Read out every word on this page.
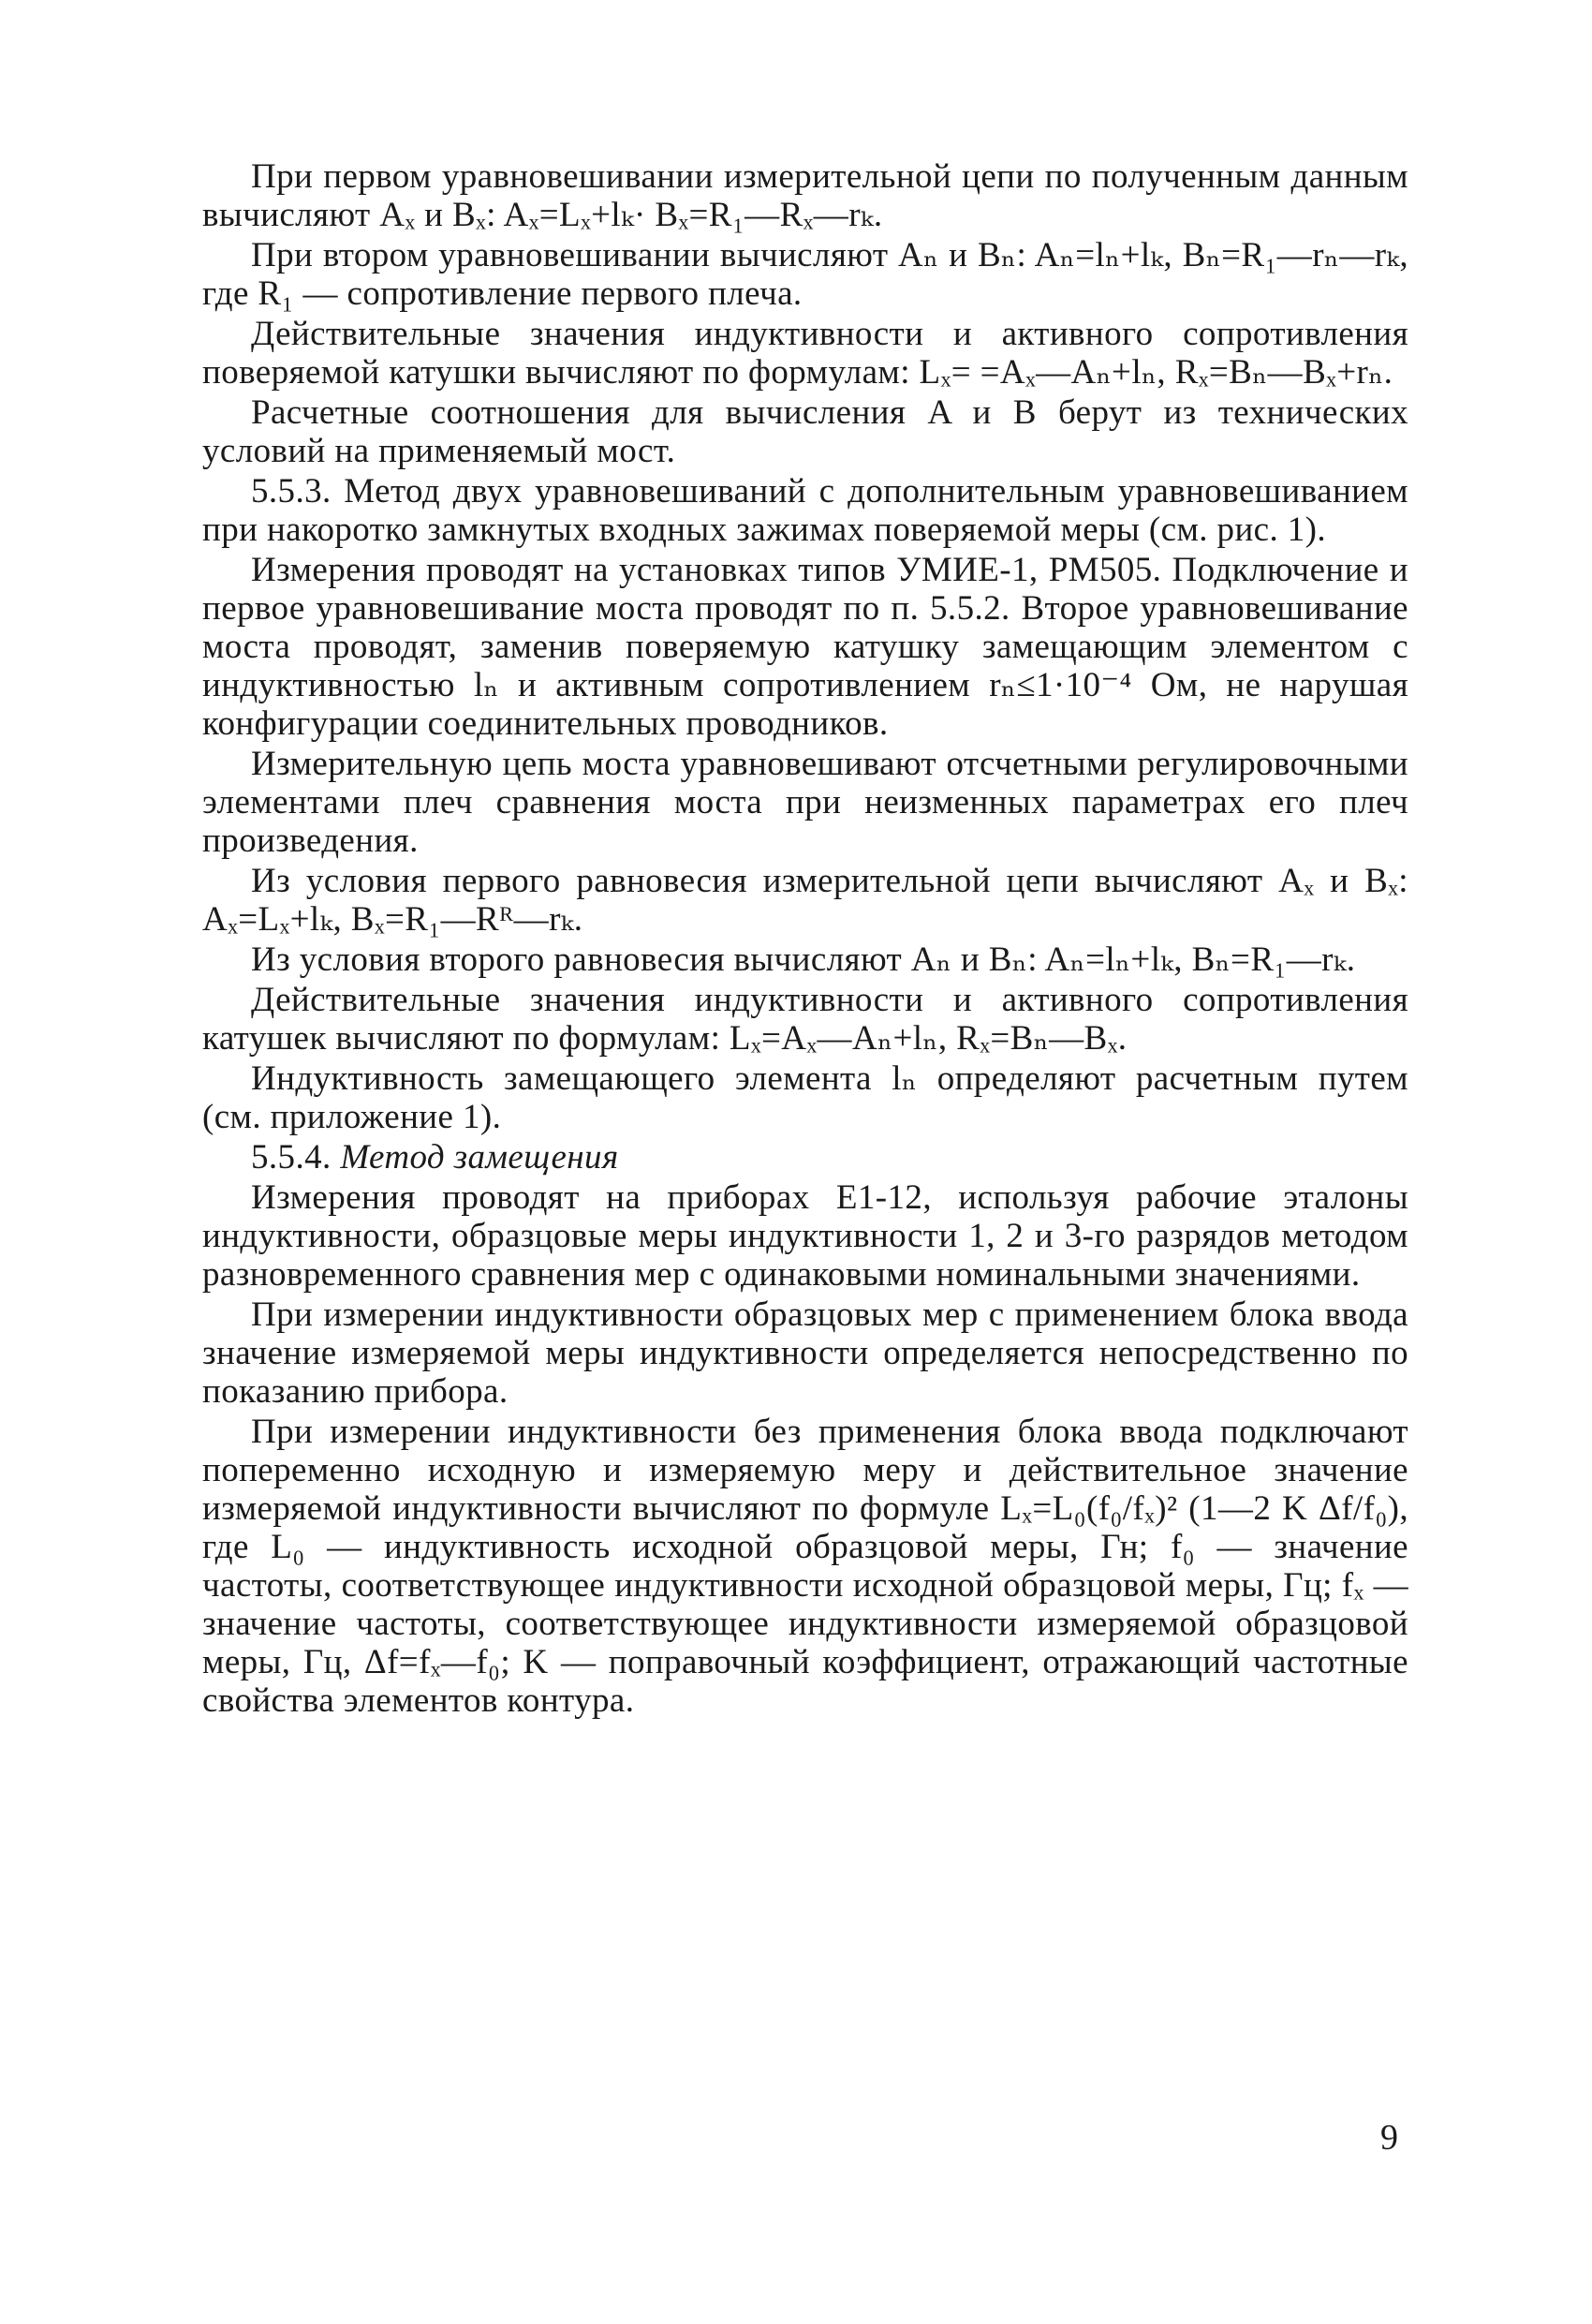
При первом уравновешивании измерительной цепи по полученным данным вычисляют Aₓ и Bₓ: Aₓ=Lₓ+lₖ· Bₓ=R₁—Rₓ—rₖ.

При втором уравновешивании вычисляют Aₙ и Bₙ: Aₙ=lₙ+lₖ, Bₙ=R₁—rₙ—rₖ, где R₁ — сопротивление первого плеча.

Действительные значения индуктивности и активного сопротивления поверяемой катушки вычисляют по формулам: Lₓ= =Aₓ—Aₙ+lₙ, Rₓ=Bₙ—Bₓ+rₙ.

Расчетные соотношения для вычисления A и B берут из технических условий на применяемый мост.

5.5.3. Метод двух уравновешиваний с дополнительным уравновешиванием при накоротко замкнутых входных зажимах поверяемой меры (см. рис. 1).

Измерения проводят на установках типов УМИЕ-1, РМ505. Подключение и первое уравновешивание моста проводят по п. 5.5.2. Второе уравновешивание моста проводят, заменив поверяемую катушку замещающим элементом с индуктивностью lₙ и активным сопротивлением rₙ≤1·10⁻⁴ Ом, не нарушая конфигурации соединительных проводников.

Измерительную цепь моста уравновешивают отсчетными регулировочными элементами плеч сравнения моста при неизменных параметрах его плеч произведения.

Из условия первого равновесия измерительной цепи вычисляют Aₓ и Bₓ: Aₓ=Lₓ+lₖ, Bₓ=R₁—Rᴿ—rₖ.

Из условия второго равновесия вычисляют Aₙ и Bₙ: Aₙ=lₙ+lₖ, Bₙ=R₁—rₖ.

Действительные значения индуктивности и активного сопротивления катушек вычисляют по формулам: Lₓ=Aₓ—Aₙ+lₙ, Rₓ=Bₙ—Bₓ.

Индуктивность замещающего элемента lₙ определяют расчетным путем (см. приложение 1).

5.5.4. Метод замещения

Измерения проводят на приборах Е1-12, используя рабочие эталоны индуктивности, образцовые меры индуктивности 1, 2 и 3-го разрядов методом разновременного сравнения мер с одинаковыми номинальными значениями.

При измерении индуктивности образцовых мер с применением блока ввода значение измеряемой меры индуктивности определяется непосредственно по показанию прибора.

При измерении индуктивности без применения блока ввода подключают попеременно исходную и измеряемую меру и действительное значение измеряемой индуктивности вычисляют по формуле Lₓ=L₀(f₀/fₓ)² (1—2 K Δf/f₀), где L₀ — индуктивность исходной образцовой меры, Гн; f₀ — значение частоты, соответствующее индуктивности исходной образцовой меры, Гц; fₓ — значение частоты, соответствующее индуктивности измеряемой образцовой меры, Гц, Δf=fₓ—f₀; K — поправочный коэффициент, отражающий частотные свойства элементов контура.

9
